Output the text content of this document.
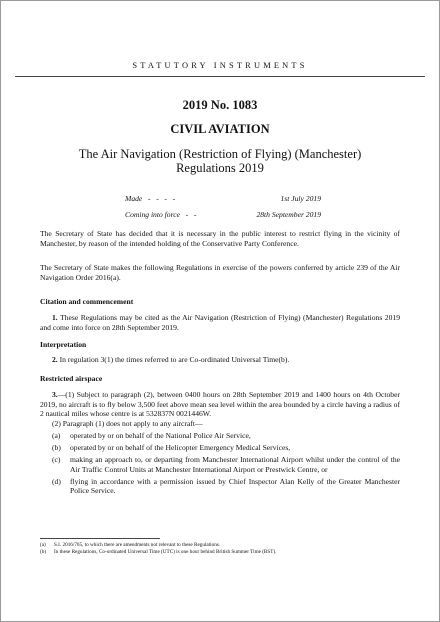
STATUTORY INSTRUMENTS
2019 No. 1083
CIVIL AVIATION
The Air Navigation (Restriction of Flying) (Manchester) Regulations 2019
Made   -   -   -   -	1st July 2019
Coming into force   -   -	28th September 2019
The Secretary of State has decided that it is necessary in the public interest to restrict flying in the vicinity of Manchester, by reason of the intended holding of the Conservative Party Conference.
The Secretary of State makes the following Regulations in exercise of the powers conferred by article 239 of the Air Navigation Order 2016(a).
Citation and commencement
1. These Regulations may be cited as the Air Navigation (Restriction of Flying) (Manchester) Regulations 2019 and come into force on 28th September 2019.
Interpretation
2. In regulation 3(1) the times referred to are Co-ordinated Universal Time(b).
Restricted airspace
3.—(1) Subject to paragraph (2), between 0400 hours on 28th September 2019 and 1400 hours on 4th October 2019, no aircraft is to fly below 3,500 feet above mean sea level within the area bounded by a circle having a radius of 2 nautical miles whose centre is at 532837N 0021446W.
(2) Paragraph (1) does not apply to any aircraft—
(a)	operated by or on behalf of the National Police Air Service,
(b)	operated by or on behalf of the Helicopter Emergency Medical Services,
(c)	making an approach to, or departing from Manchester International Airport whilst under the control of the Air Traffic Control Units at Manchester International Airport or Prestwick Centre, or
(d)	flying in accordance with a permission issued by Chief Inspector Alan Kelly of the Greater Manchester Police Service.
(a)	S.I. 2016/765, to which there are amendments not relevant to these Regulations.
(b)	In these Regulations, Co-ordinated Universal Time (UTC) is one hour behind British Summer Time (BST).
